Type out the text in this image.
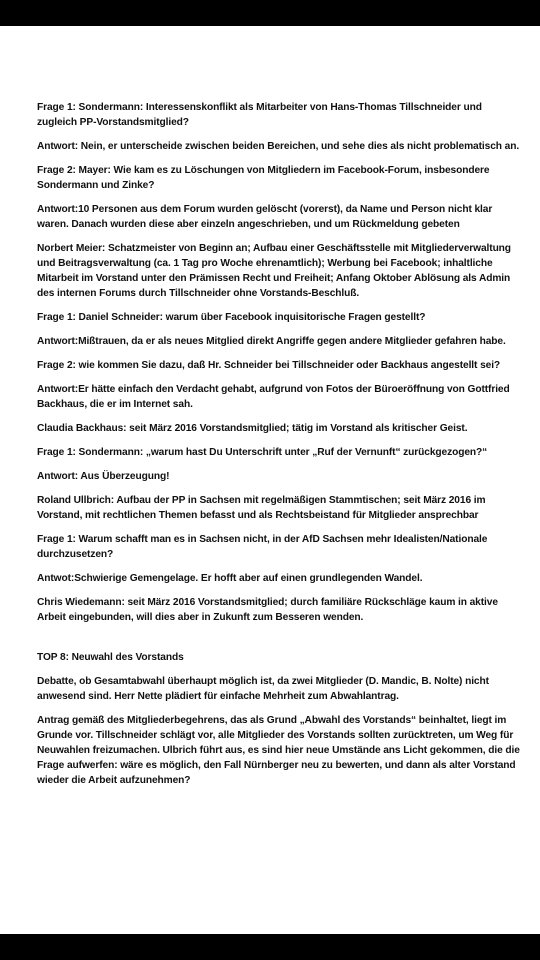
Frage 1: Sondermann: Interessenskonflikt als Mitarbeiter von Hans-Thomas Tillschneider und zugleich PP-Vorstandsmitglied?

Antwort: Nein, er unterscheide zwischen beiden Bereichen, und sehe dies als nicht problematisch an.

Frage 2: Mayer: Wie kam es zu Löschungen von Mitgliedern im Facebook-Forum, insbesondere Sondermann und Zinke?

Antwort:10 Personen aus dem Forum wurden gelöscht (vorerst), da Name und Person nicht klar waren. Danach wurden diese aber einzeln angeschrieben, und um Rückmeldung gebeten

Norbert Meier: Schatzmeister von Beginn an; Aufbau einer Geschäftsstelle mit Mitgliederverwaltung und Beitragsverwaltung (ca. 1 Tag pro Woche ehrenamtlich); Werbung bei Facebook; inhaltliche Mitarbeit im Vorstand unter den Prämissen Recht und Freiheit; Anfang Oktober Ablösung als Admin des internen Forums durch Tillschneider ohne Vorstands-Beschluß.

Frage 1: Daniel Schneider: warum über Facebook inquisitorische Fragen gestellt?

Antwort:Mißtrauen, da er als neues Mitglied direkt Angriffe gegen andere Mitglieder gefahren habe.

Frage 2: wie kommen Sie dazu, daß Hr. Schneider bei Tillschneider oder Backhaus angestellt sei?

Antwort:Er hätte einfach den Verdacht gehabt, aufgrund von Fotos der Büroeröffnung von Gottfried Backhaus, die er im Internet sah.

Claudia Backhaus: seit März 2016 Vorstandsmitglied; tätig im Vorstand als kritischer Geist.

Frage 1: Sondermann: „warum hast Du Unterschrift unter „Ruf der Vernunft“ zurückgezogen?“

Antwort: Aus Überzeugung!

Roland Ullbrich: Aufbau der PP in Sachsen mit regelmäßigen Stammtischen; seit März 2016 im Vorstand, mit rechtlichen Themen befasst und als Rechtsbeistand für Mitglieder ansprechbar

Frage 1: Warum schafft man es in Sachsen nicht, in der AfD Sachsen mehr Idealisten/Nationale durchzusetzen?

Antwot:Schwierige Gemengelage. Er hofft aber auf einen grundlegenden Wandel.

Chris Wiedemann: seit März 2016 Vorstandsmitglied; durch familiäre Rückschläge kaum in aktive Arbeit eingebunden, will dies aber in Zukunft zum Besseren wenden.

TOP 8: Neuwahl des Vorstands

Debatte, ob Gesamtabwahl überhaupt möglich ist, da zwei Mitglieder (D. Mandic, B. Nolte) nicht anwesend sind. Herr Nette plädiert für einfache Mehrheit zum Abwahlantrag.

Antrag gemäß des Mitgliederbegehrens, das als Grund „Abwahl des Vorstands“ beinhaltet, liegt im Grunde vor. Tillschneider schlägt vor, alle Mitglieder des Vorstands sollten zurücktreten, um Weg für Neuwahlen freizumachen. Ulbrich führt aus, es sind hier neue Umstände ans Licht gekommen, die die Frage aufwerfen: wäre es möglich, den Fall Nürnberger neu zu bewerten, und dann als alter Vorstand wieder die Arbeit aufzunehmen?
